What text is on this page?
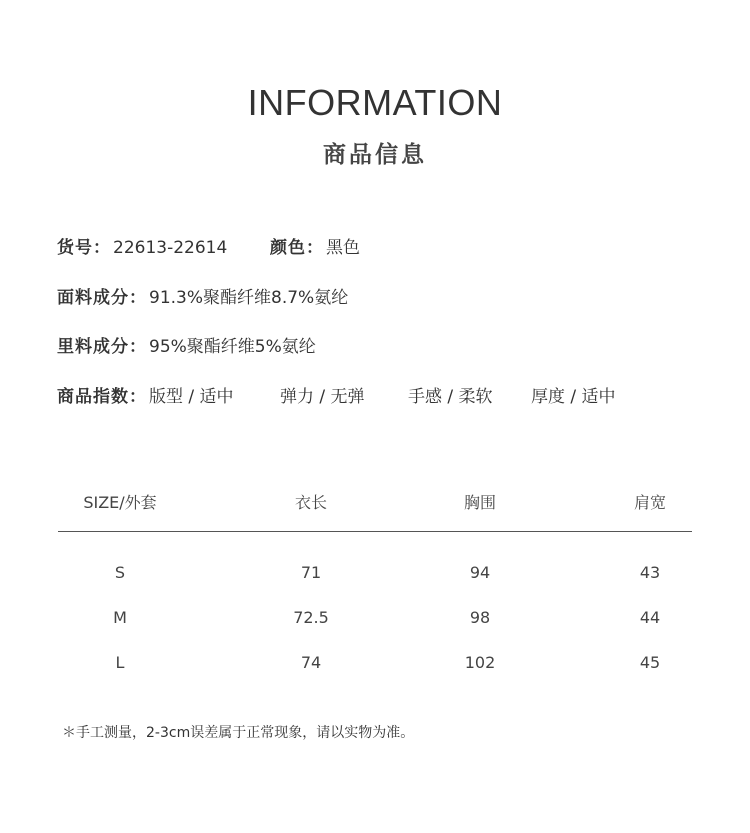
INFORMATION
商品信息
货号： 22613-22614	颜色： 黑色
面料成分： 91.3%聚酯纤维8.7%氨纶
里料成分： 95%聚酯纤维5%氨纶
商品指数： 版型 / 适中	弹力 / 无弹	手感 / 柔软 厚度 / 适中
SIZE/外套	衣长	胸围	肩宽
S	71	94	43
M	72.5	98	44
L	74	102	45
＊手工测量，2-3cm误差属于正常现象，请以实物为准。
